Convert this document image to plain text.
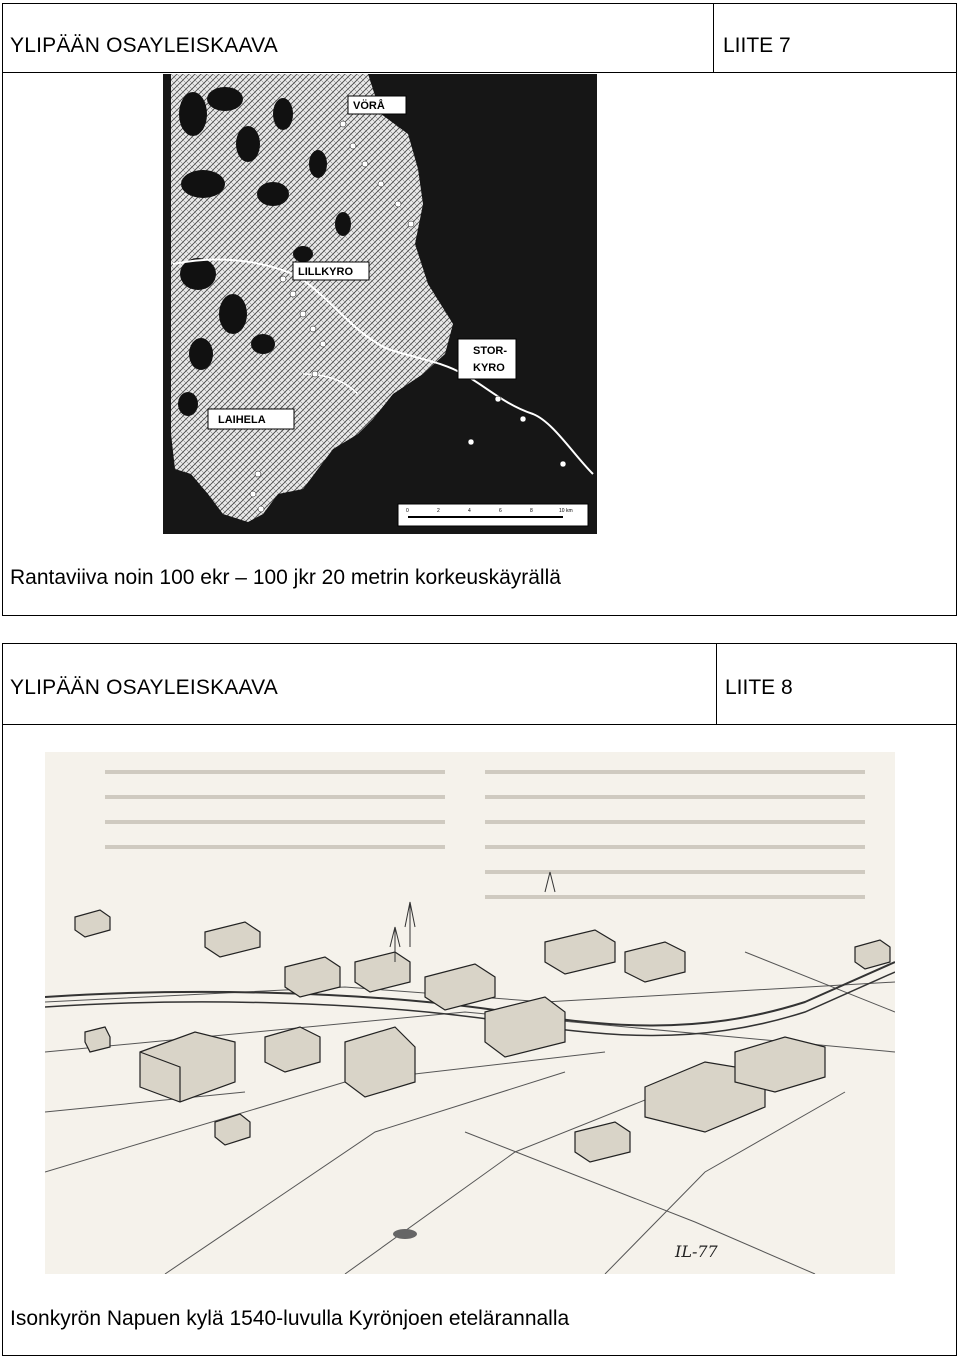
YLIPÄÄN OSAYLEISKAAVA	LIITE 7
VÖRÅ
LILLKYRO
STOR-
KYRO
LAIHELA
0	2	4	6	8	10 km
Rantaviiva noin 100 ekr – 100 jkr 20 metrin korkeuskäyrällä
YLIPÄÄN OSAYLEISKAAVA	LIITE 8
IL-77
Isonkyrön Napuen kylä 1540-luvulla Kyrönjoen etelärannalla
